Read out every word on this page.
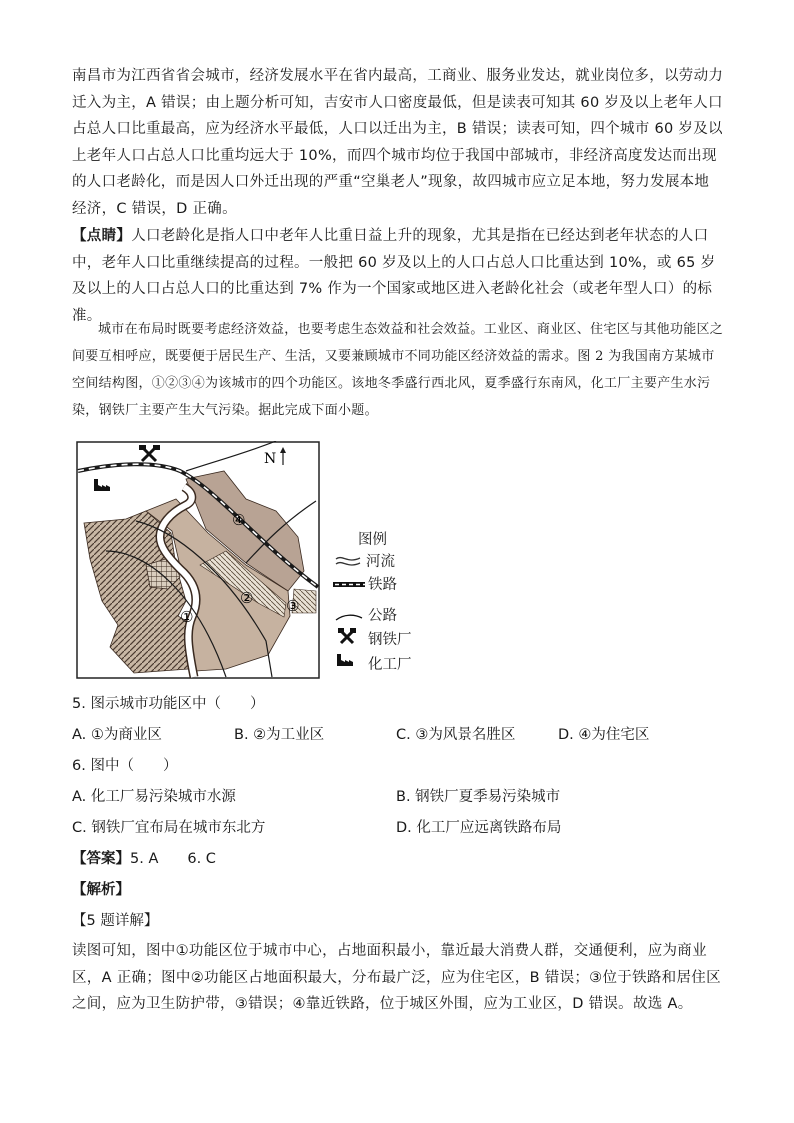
南昌市为江西省省会城市，经济发展水平在省内最高，工商业、服务业发达，就业岗位多，以劳动力迁入为主，A 错误；由上题分析可知，吉安市人口密度最低，但是读表可知其 60 岁及以上老年人口占总人口比重最高，应为经济水平最低，人口以迁出为主，B 错误；读表可知，四个城市 60 岁及以上老年人口占总人口比重均远大于 10%，而四个城市均位于我国中部城市，非经济高度发达而出现的人口老龄化，而是因人口外迁出现的严重“空巢老人”现象，故四城市应立足本地，努力发展本地经济，C 错误，D 正确。
【点睛】人口老龄化是指人口中老年人比重日益上升的现象，尤其是指在已经达到老年状态的人口中，老年人口比重继续提高的过程。一般把 60 岁及以上的人口占总人口比重达到 10%，或 65 岁及以上的人口占总人口的比重达到 7% 作为一个国家或地区进入老龄化社会（或老年型人口）的标准。
城市在布局时既要考虑经济效益，也要考虑生态效益和社会效益。工业区、商业区、住宅区与其他功能区之间要互相呼应，既要便于居民生产、生活，又要兼顾城市不同功能区经济效益的需求。图 2 为我国南方某城市空间结构图，①②③④为该城市的四个功能区。该地冬季盛行西北风，夏季盛行东南风，化工厂主要产生水污染，钢铁厂主要产生大气污染。据此完成下面小题。
N
④
② ③
①
图例
河流
铁路
公路
钢铁厂
化工厂
5. 图示城市功能区中（　　）
A. ①为商业区	B. ②为工业区	C. ③为风景名胜区	D. ④为住宅区
6. 图中（　　）
A. 化工厂易污染城市水源	B. 钢铁厂夏季易污染城市
C. 钢铁厂宜布局在城市东北方	D. 化工厂应远离铁路布局
【答案】5. A　　6. C
【解析】
【5 题详解】
读图可知，图中①功能区位于城市中心，占地面积最小，靠近最大消费人群，交通便利，应为商业区，A 正确；图中②功能区占地面积最大，分布最广泛，应为住宅区，B 错误；③位于铁路和居住区之间，应为卫生防护带，③错误；④靠近铁路，位于城区外围，应为工业区，D 错误。故选 A。
